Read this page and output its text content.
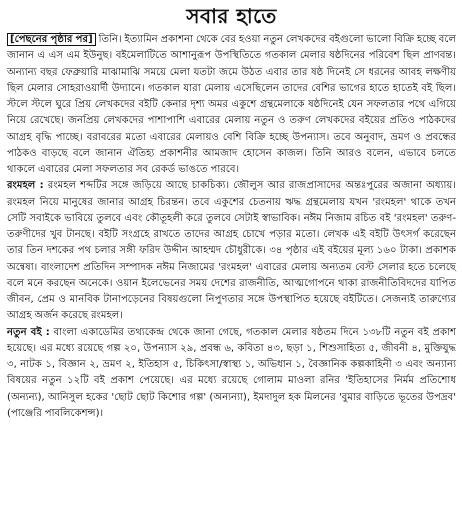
সবার হাতে

[পেছনের পৃষ্ঠার পর] তিনি। ইত্যামিন প্রকাশনা থেকে বের হওয়া নতুন লেখকদের বইগুলো ভালো বিক্রি হচ্ছে বলে জানান এ এস এম ইউনুছ। বইমেলাটিতে আশানুরূপ উপস্থিতিতে গতকাল মেলার ষষ্ঠদিনের পরিবেশ ছিল প্রাণবন্ত। অন্যান্য বছর ফেব্রুয়ারি মাঝামাঝি সময়ে মেলা যতটা জমে উঠত এবার তার ষষ্ঠ দিনেই সে ধরনের আবহ লক্ষণীয় ছিল মেলার সোহরাওয়ার্দী উদ্যানে। গতকাল যারা মেলায় এসেছিলেন তাদের বেশির ভাগের হাতে হাতেই বই ছিল। স্টলে স্টলে ঘুরে প্রিয় লেখকদের বইটি কেনার দৃশ্য অমর একুশে গ্রন্থমেলাকে ষষ্ঠদিনেই যেন সফলতার পথে এগিয়ে নিয়ে রেখেছে। জনপ্রিয় লেখকদের পাশাপাশি এবারের মেলায় নতুন ও তরুণ লেখকদের বইয়ের প্রতিও পাঠকদের আগ্রহ বৃদ্ধি পাচ্ছে। বরাবরের মতো এবারের মেলায়ও বেশি বিক্রি হচ্ছে উপন্যাস। তবে অনুবাদ, ভ্রমণ ও প্রবন্ধের পাঠকও বাড়ছে বলে জানান ঐতিহ্য প্রকাশনীর আমজাদ হোসেন কাজল। তিনি আরও বলেন, এভাবে চলতে থাকলে এবারের মেলা সফলতার সব রেকর্ড ভাঙতে পারবে।

রংমহল : রংমহল শব্দটির সঙ্গে জড়িয়ে আছে চাকচিক্য। জৌলুস আর রাজপ্রাসাদের অন্তঃপুরের অজানা অধ্যায়। রংমহল নিয়ে মানুষের জানার আগ্রহ চিরন্তন। তবে একুশের চেতনায় ঋদ্ধ গ্রন্থমেলায় যখন 'রংমহল' থাকে তখন সেটি সবাইকে ভাবিয়ে তুলবে এবং কৌতূহলী করে তুলবে সেটাই স্বাভাবিক। নঈম নিজাম রচিত বই 'রংমহল' তরুণ-তরুণীদের খুব টানছে। বইটি সংগ্রহে রাখতে তাদের আগ্রহ চোখে পড়ার মতো। লেখক এই বইটি উৎসর্গ করেছেন তার তিন দশকের পথ চলার সঙ্গী ফরিদ উদ্দীন আহম্মদ চৌধুরীকে। ৩৪ পৃষ্ঠার এই বইয়ের মূল্য ১৬০ টাকা। প্রকাশক অন্বেষা। বাংলাদেশ প্রতিদিন সম্পাদক নঈম নিজামের 'রংমহল' এবারের মেলায় অন্যতম বেস্ট সেলার হতে চলেছে বলে মনে করছেন অনেকে। ওয়ান ইলেভেনের সময় দেশের রাজনীতি, আত্মগোপনে থাকা রাজনীতিবিদদের যাপিত জীবন, প্রেম ও মানবিক টানাপড়েনের বিষয়গুলো নিপুণতার সঙ্গে উপস্থাপিত হয়েছে বইটিতে। সেজন্যই তারুণ্যের আগ্রহ অর্জন করেছে রংমহল।

নতুন বই : বাংলা একাডেমির তথ্যকেন্দ্র থেকে জানা গেছে, গতকাল মেলার ষষ্ঠতম দিনে ১৩৮টি নতুন বই প্রকাশ হয়েছে। এর মধ্যে রয়েছে গল্প ২০, উপন্যাস ২৯, প্রবন্ধ ৬, কবিতা ৪৩, ছড়া ১, শিশুসাহিত্য ৫, জীবনী ৪, মুক্তিযুদ্ধ ৩, নাটক ১, বিজ্ঞান ২, ভ্রমণ ২, ইতিহাস ৫, চিকিৎসা/স্বাস্থ্য ১, অভিধান ১, বৈজ্ঞানিক কল্পকাহিনী ৩ এবং অন্যান্য বিষয়ের নতুন ১২টি বই প্রকাশ পেয়েছে। এর মধ্যে রয়েছে গোলাম মাওলা রনির 'ইতিহাসের নির্মম প্রতিশোধ (অন্যন্য), আনিসুল হকের 'ছোট ছোট কিশোর গল্প' (অন্যন্যা), ইমদাদুল হক মিলনের 'বুমার বাড়িতে ভূতের উপদ্রব' (পাঞ্জেরি পাবলিকেশন্স)।
